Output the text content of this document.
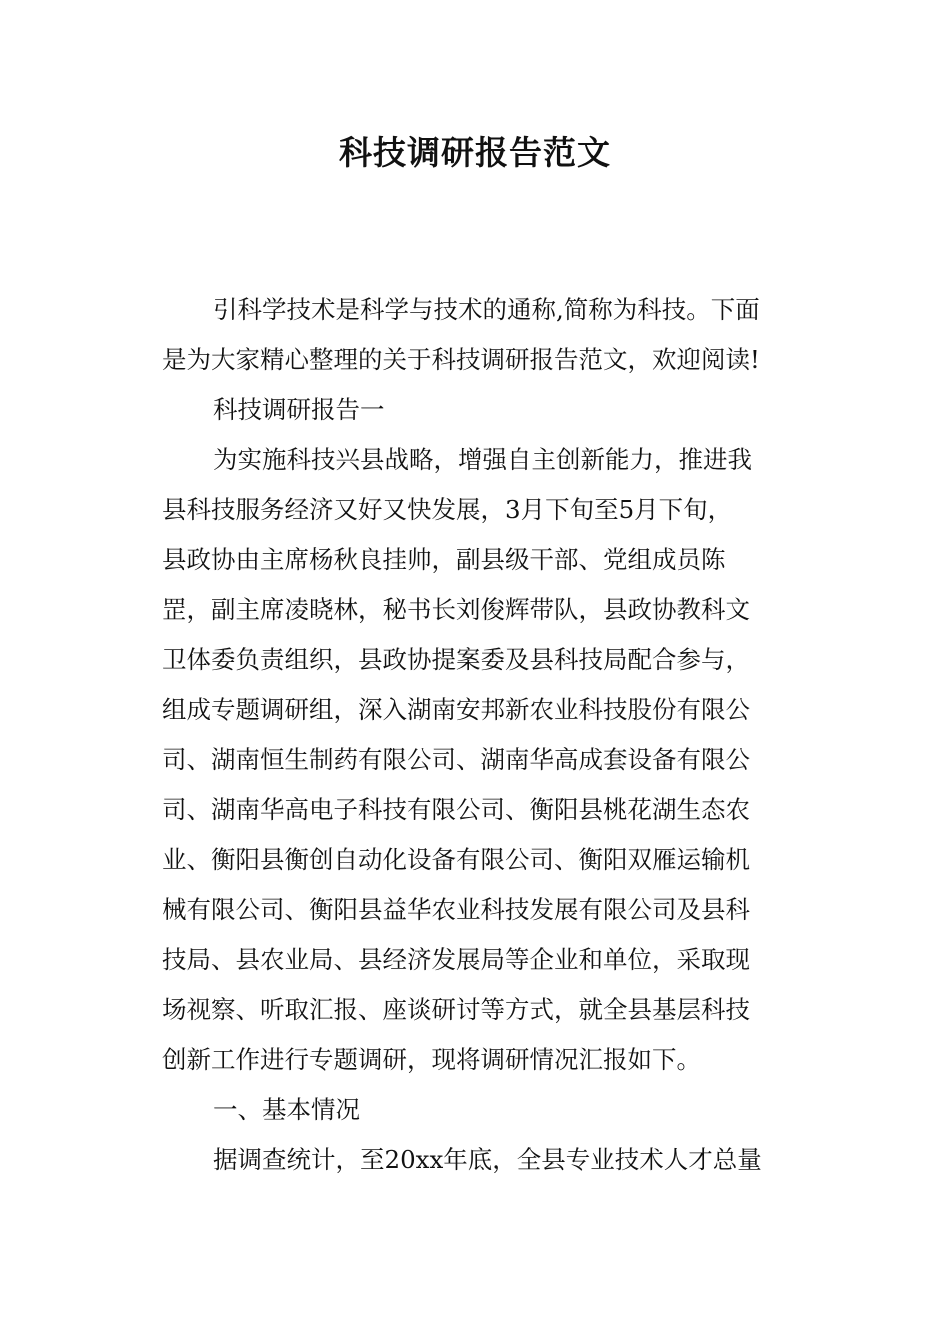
科技调研报告范文
引科学技术是科学与技术的通称,简称为科技。下面
是为大家精心整理的关于科技调研报告范文，欢迎阅读!
科技调研报告一
为实施科技兴县战略，增强自主创新能力，推进我
县科技服务经济又好又快发展，3月下旬至5月下旬，
县政协由主席杨秋良挂帅，副县级干部、党组成员陈
罡，副主席凌晓林，秘书长刘俊辉带队，县政协教科文
卫体委负责组织，县政协提案委及县科技局配合参与，
组成专题调研组，深入湖南安邦新农业科技股份有限公
司、湖南恒生制药有限公司、湖南华高成套设备有限公
司、湖南华高电子科技有限公司、衡阳县桃花湖生态农
业、衡阳县衡创自动化设备有限公司、衡阳双雁运输机
械有限公司、衡阳县益华农业科技发展有限公司及县科
技局、县农业局、县经济发展局等企业和单位，采取现
场视察、听取汇报、座谈研讨等方式，就全县基层科技
创新工作进行专题调研，现将调研情况汇报如下。
一、基本情况
据调查统计，至20xx年底，全县专业技术人才总量
